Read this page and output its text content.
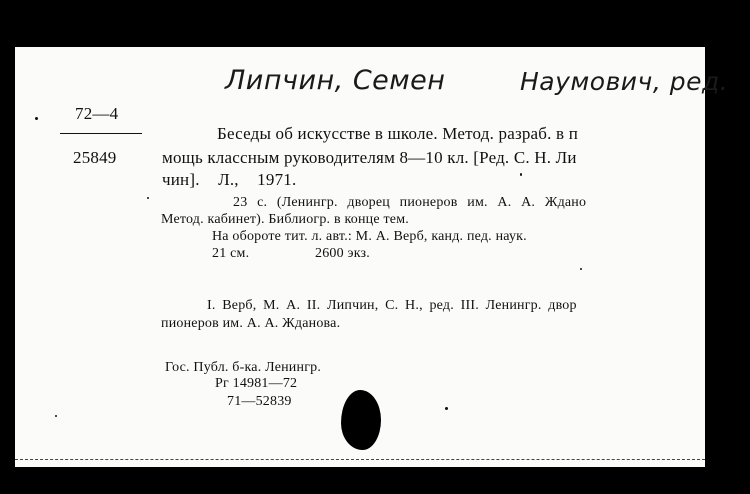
Липчин, Семен	Наумович, ред.
72—4
25849
Беседы об искусстве в школе. Метод. разраб. в п
мощь классным руководителям 8—10 кл. [Ред. С. Н. Ли
чин]. Л., 1971.
23 с. (Ленингр. дворец пионеров им. А. А. Ждано
Метод. кабинет). Библиогр. в конце тем.
На обороте тит. л. авт.: М. А. Верб, канд. пед. наук.
21 см.	2600 экз.
I. Верб, М. А. II. Липчин, С. Н., ред. III. Ленингр. двор
пионеров им. А. А. Жданова.
Гос. Публ. б-ка. Ленингр.
Рг 14981—72
71—52839
